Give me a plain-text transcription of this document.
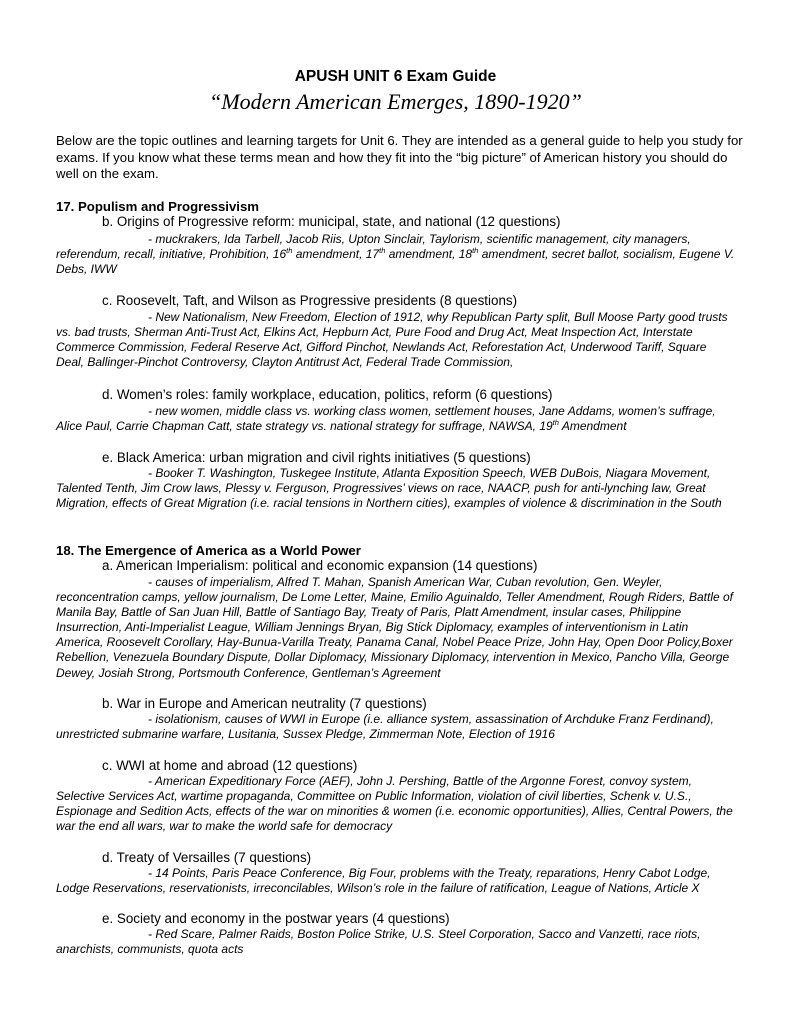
APUSH UNIT 6 Exam Guide
“Modern American Emerges, 1890-1920”
Below are the topic outlines and learning targets for Unit 6. They are intended as a general guide to help you study for exams. If you know what these terms mean and how they fit into the “big picture” of American history you should do well on the exam.
17. Populism and Progressivism
b. Origins of Progressive reform: municipal, state, and national (12 questions)
- muckrakers, Ida Tarbell, Jacob Riis, Upton Sinclair, Taylorism, scientific management, city managers, referendum, recall, initiative, Prohibition, 16th amendment, 17th amendment, 18th amendment, secret ballot, socialism, Eugene V. Debs, IWW
c. Roosevelt, Taft, and Wilson as Progressive presidents (8 questions)
- New Nationalism, New Freedom, Election of 1912, why Republican Party split, Bull Moose Party good trusts vs. bad trusts, Sherman Anti-Trust Act, Elkins Act, Hepburn Act, Pure Food and Drug Act, Meat Inspection Act, Interstate Commerce Commission, Federal Reserve Act, Gifford Pinchot, Newlands Act, Reforestation Act, Underwood Tariff, Square Deal, Ballinger-Pinchot Controversy, Clayton Antitrust Act, Federal Trade Commission,
d. Women’s roles: family workplace, education, politics, reform (6 questions)
- new women, middle class vs. working class women, settlement houses, Jane Addams, women’s suffrage, Alice Paul, Carrie Chapman Catt, state strategy vs. national strategy for suffrage, NAWSA, 19th Amendment
e. Black America: urban migration and civil rights initiatives (5 questions)
- Booker T. Washington, Tuskegee Institute, Atlanta Exposition Speech, WEB DuBois, Niagara Movement, Talented Tenth, Jim Crow laws, Plessy v. Ferguson, Progressives’ views on race, NAACP, push for anti-lynching law, Great Migration, effects of Great Migration (i.e. racial tensions in Northern cities), examples of violence & discrimination in the South
18. The Emergence of America as a World Power
a. American Imperialism: political and economic expansion (14 questions)
- causes of imperialism, Alfred T. Mahan, Spanish American War, Cuban revolution, Gen. Weyler, reconcentration camps, yellow journalism, De Lome Letter, Maine, Emilio Aguinaldo, Teller Amendment, Rough Riders, Battle of Manila Bay, Battle of San Juan Hill, Battle of Santiago Bay, Treaty of Paris, Platt Amendment, insular cases, Philippine Insurrection, Anti-Imperialist League, William Jennings Bryan, Big Stick Diplomacy, examples of interventionism in Latin America, Roosevelt Corollary, Hay-Bunua-Varilla Treaty, Panama Canal, Nobel Peace Prize, John Hay, Open Door Policy,Boxer Rebellion, Venezuela Boundary Dispute, Dollar Diplomacy, Missionary Diplomacy, intervention in Mexico, Pancho Villa, George Dewey, Josiah Strong, Portsmouth Conference, Gentleman’s Agreement
b. War in Europe and American neutrality (7 questions)
- isolationism, causes of WWI in Europe (i.e. alliance system, assassination of Archduke Franz Ferdinand), unrestricted submarine warfare, Lusitania, Sussex Pledge, Zimmerman Note, Election of 1916
c. WWI at home and abroad (12 questions)
- American Expeditionary Force (AEF), John J. Pershing, Battle of the Argonne Forest, convoy system, Selective Services Act, wartime propaganda, Committee on Public Information, violation of civil liberties, Schenk v. U.S., Espionage and Sedition Acts, effects of the war on minorities & women (i.e. economic opportunities), Allies, Central Powers, the war the end all wars, war to make the world safe for democracy
d. Treaty of Versailles (7 questions)
- 14 Points, Paris Peace Conference, Big Four, problems with the Treaty, reparations, Henry Cabot Lodge, Lodge Reservations, reservationists, irreconcilables, Wilson’s role in the failure of ratification, League of Nations, Article X
e. Society and economy in the postwar years (4 questions)
- Red Scare, Palmer Raids, Boston Police Strike, U.S. Steel Corporation, Sacco and Vanzetti, race riots, anarchists, communists, quota acts
